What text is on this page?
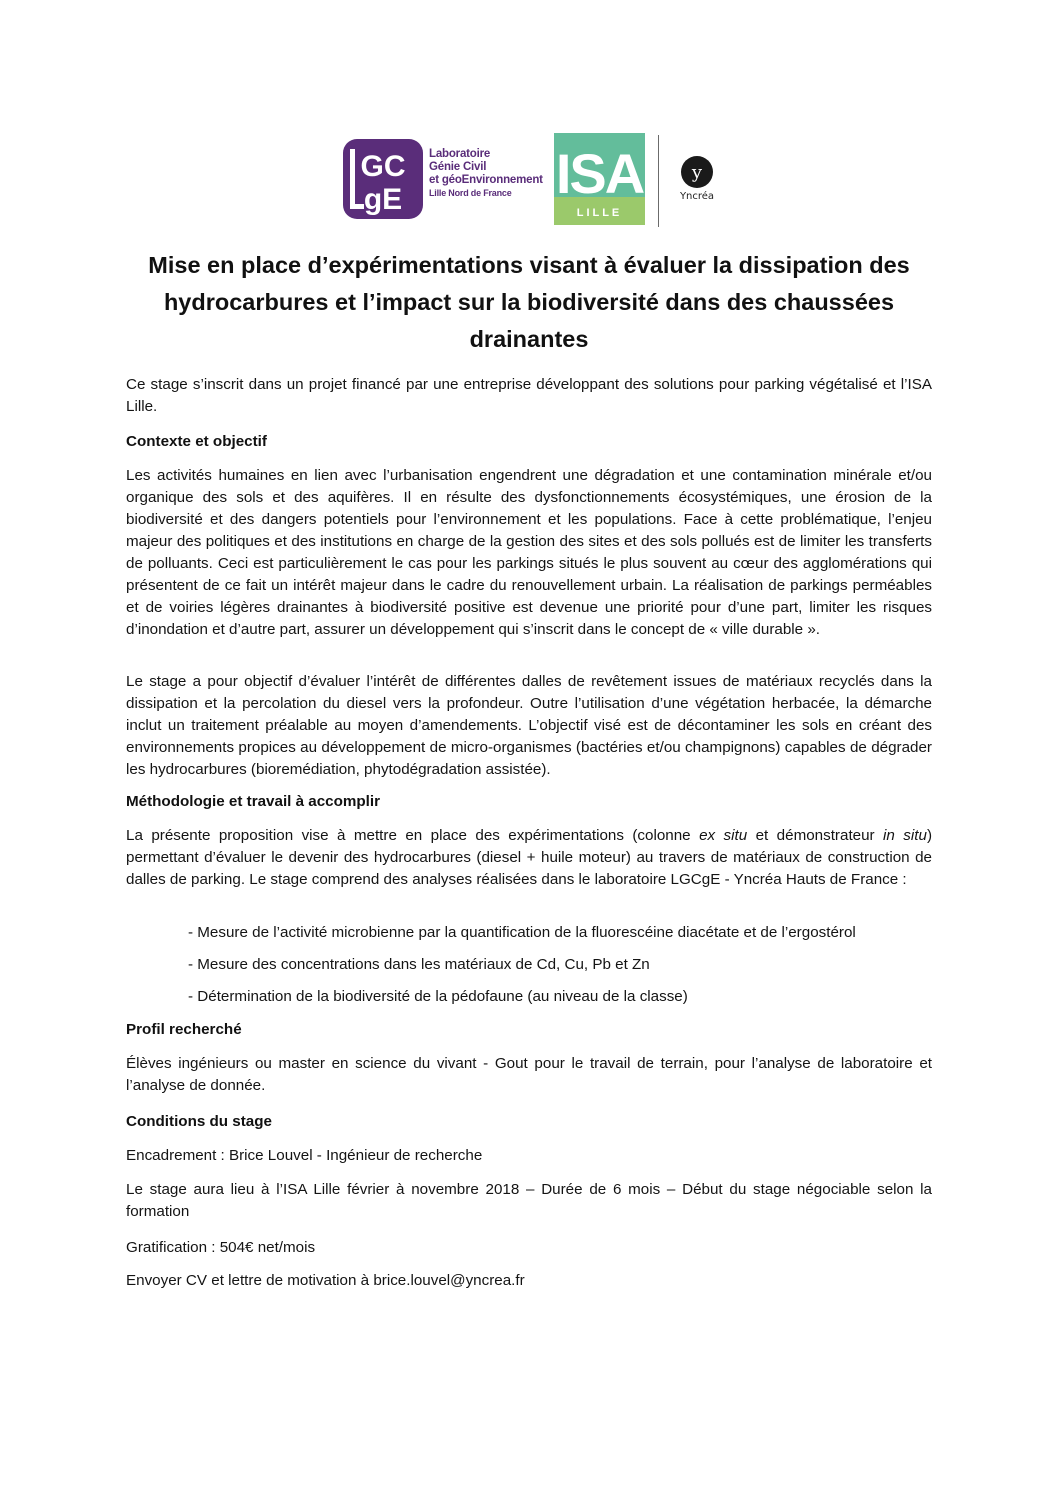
GC
gE
Laboratoire
Génie Civil
et géoEnvironnement
Lille Nord de France ISA
LILLE
y
Yncréa
Mise en place d’expérimentations visant à évaluer la dissipation des hydrocarbures et l’impact sur la biodiversité dans des chaussées drainantes

Ce stage s’inscrit dans un projet financé par une entreprise développant des solutions pour parking végétalisé et l’ISA Lille.

Contexte et objectif

Les activités humaines en lien avec l’urbanisation engendrent une dégradation et une contamination minérale et/ou organique des sols et des aquifères. Il en résulte des dysfonctionnements écosystémiques, une érosion de la biodiversité et des dangers potentiels pour l’environnement et les populations. Face à cette problématique, l’enjeu majeur des politiques et des institutions en charge de la gestion des sites et des sols pollués est de limiter les transferts de polluants. Ceci est particulièrement le cas pour les parkings situés le plus souvent au cœur des agglomérations qui présentent de ce fait un intérêt majeur dans le cadre du renouvellement urbain. La réalisation de parkings perméables et de voiries légères drainantes à biodiversité positive est devenue une priorité pour d’une part, limiter les risques d’inondation et d’autre part, assurer un développement qui s’inscrit dans le concept de « ville durable ».

Le stage a pour objectif d’évaluer l’intérêt de différentes dalles de revêtement issues de matériaux recyclés dans la dissipation et la percolation du diesel vers la profondeur. Outre l’utilisation d’une végétation herbacée, la démarche inclut un traitement préalable au moyen d’amendements. L’objectif visé est de décontaminer les sols en créant des environnements propices au développement de micro-organismes (bactéries et/ou champignons) capables de dégrader les hydrocarbures (bioremédiation, phytodégradation assistée).

Méthodologie et travail à accomplir

La présente proposition vise à mettre en place des expérimentations (colonne ex situ et démonstrateur in situ) permettant d’évaluer le devenir des hydrocarbures (diesel + huile moteur) au travers de matériaux de construction de dalles de parking. Le stage comprend des analyses réalisées dans le laboratoire LGCgE - Yncréa Hauts de France :

- Mesure de l’activité microbienne par la quantification de la fluorescéine diacétate et de l’ergostérol

- Mesure des concentrations dans les matériaux de Cd, Cu, Pb et Zn

- Détermination de la biodiversité de la pédofaune (au niveau de la classe)

Profil recherché

Élèves ingénieurs ou master en science du vivant - Gout pour le travail de terrain, pour l’analyse de laboratoire et l’analyse de donnée.

Conditions du stage

Encadrement : Brice Louvel - Ingénieur de recherche

Le stage aura lieu à l’ISA Lille février à novembre 2018 – Durée de 6 mois – Début du stage négociable selon la formation

Gratification : 504€ net/mois

Envoyer CV et lettre de motivation à brice.louvel@yncrea.fr
